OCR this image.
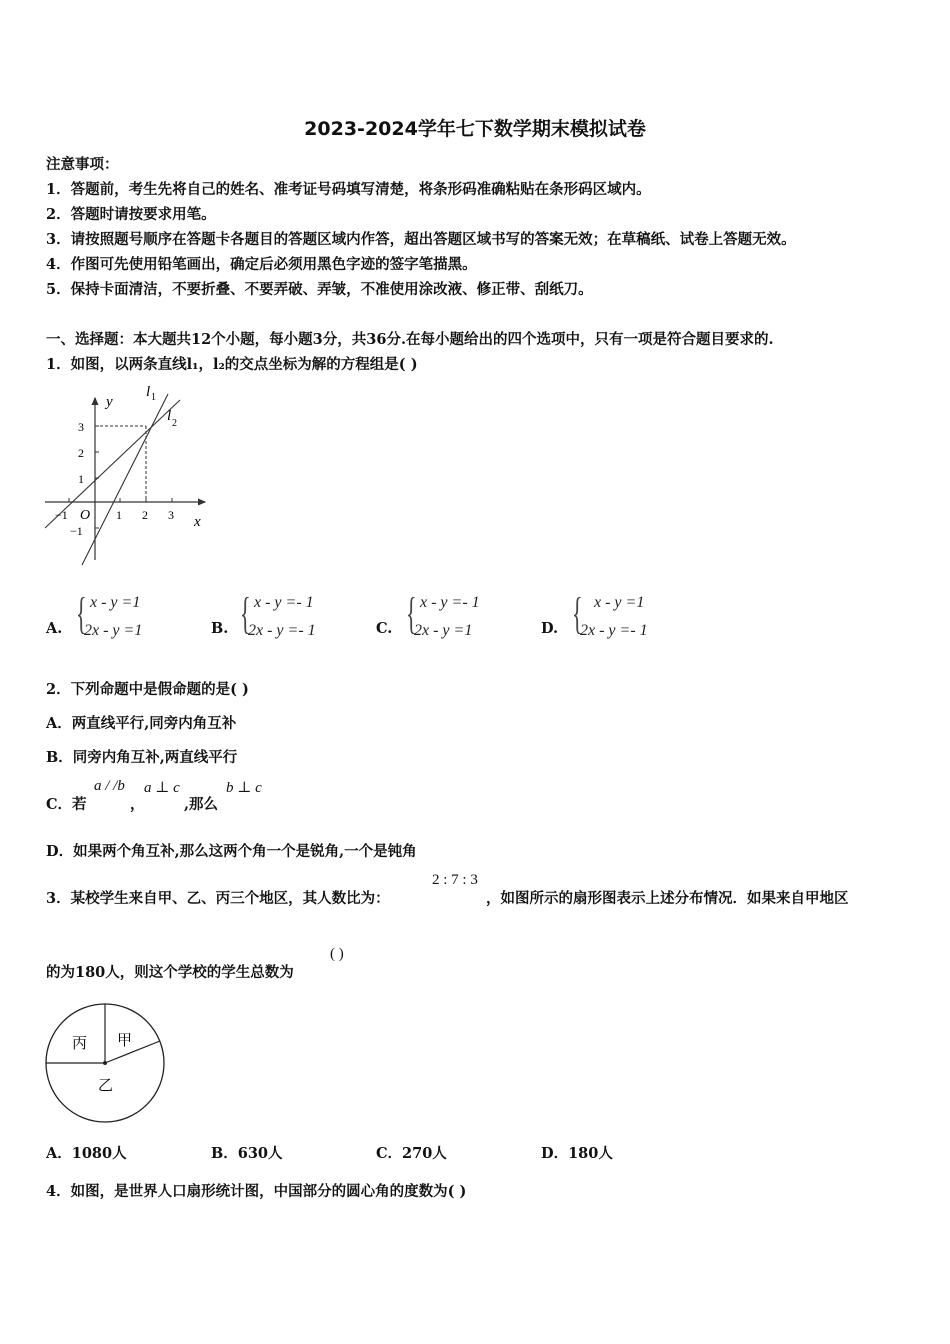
2023-2024学年七下数学期末模拟试卷
注意事项：
1．答题前，考生先将自己的姓名、准考证号码填写清楚，将条形码准确粘贴在条形码区域内。
2．答题时请按要求用笔。
3．请按照题号顺序在答题卡各题目的答题区域内作答，超出答题区域书写的答案无效；在草稿纸、试卷上答题无效。
4．作图可先使用铅笔画出，确定后必须用黑色字迹的签字笔描黑。
5．保持卡面清洁，不要折叠、不要弄破、弄皱，不准使用涂改液、修正带、刮纸刀。
一、选择题：本大题共12个小题，每小题3分，共36分.在每小题给出的四个选项中，只有一项是符合题目要求的.
1．如图，以两条直线l₁，l₂的交点坐标为解的方程组是( )
y
x
O
l 1
l 2
3
2
1
−1
−1	1 2 3
A. { x - y =1
2x - y =1	B. { x - y =- 1
2x - y =- 1	C. { x - y =- 1
2x - y =1	D. { x - y =1
2x - y =- 1
2．下列命题中是假命题的是( )
A．两直线平行,同旁内角互补
B．同旁内角互补,两直线平行
C．若
a / /b
，
a ⊥ c
,那么
b ⊥ c
D．如果两个角互补,那么这两个角一个是锐角,一个是钝角
3．某校学生来自甲、乙、丙三个地区，其人数比为：
2 : 7 : 3
，如图所示的扇形图表示上述分布情况．如果来自甲地区
的为180人，则这个学校的学生总数为
( )
丙 甲
乙
A．1080人	B．630人	C．270人	D．180人
4．如图，是世界人口扇形统计图，中国部分的圆心角的度数为( )
